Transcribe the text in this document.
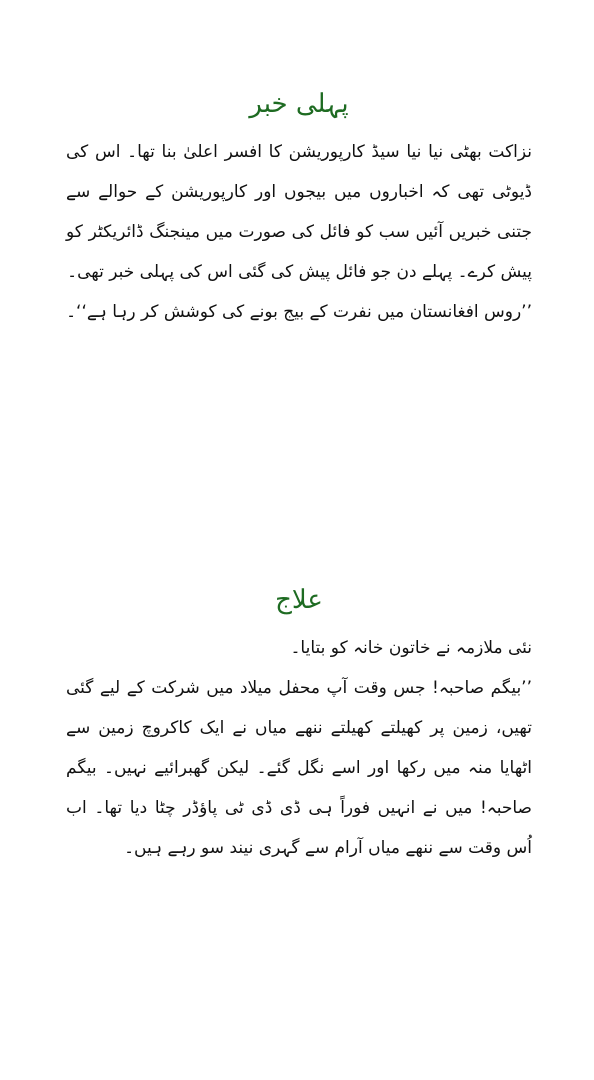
پہلی خبر

نزاکت بھٹی نیا نیا سیڈ کارپوریشن کا افسر اعلیٰ بنا تھا۔ اس کی ڈیوٹی تھی کہ اخباروں میں بیجوں اور کارپوریشن کے حوالے سے جتنی خبریں آئیں سب کو فائل کی صورت میں مینجنگ ڈائریکٹر کو پیش کرے۔ پہلے دن جو فائل پیش کی گئی اس کی پہلی خبر تھی۔

’’روس افغانستان میں نفرت کے بیج بونے کی کوشش کر رہا ہے‘‘۔

علاج

نئی ملازمہ نے خاتون خانہ کو بتایا۔

’’بیگم صاحبہ! جس وقت آپ محفل میلاد میں شرکت کے لیے گئی تھیں، زمین پر کھیلتے کھیلتے ننھے میاں نے ایک کاکروچ زمین سے اٹھایا منہ میں رکھا اور اسے نگل گئے۔ لیکن گھبرائیے نہیں۔ بیگم صاحبہ! میں نے انہیں فوراً ہی ڈی ڈی ٹی پاؤڈر چٹا دیا تھا۔ اب اُس وقت سے ننھے میاں آرام سے گہری نیند سو رہے ہیں۔
